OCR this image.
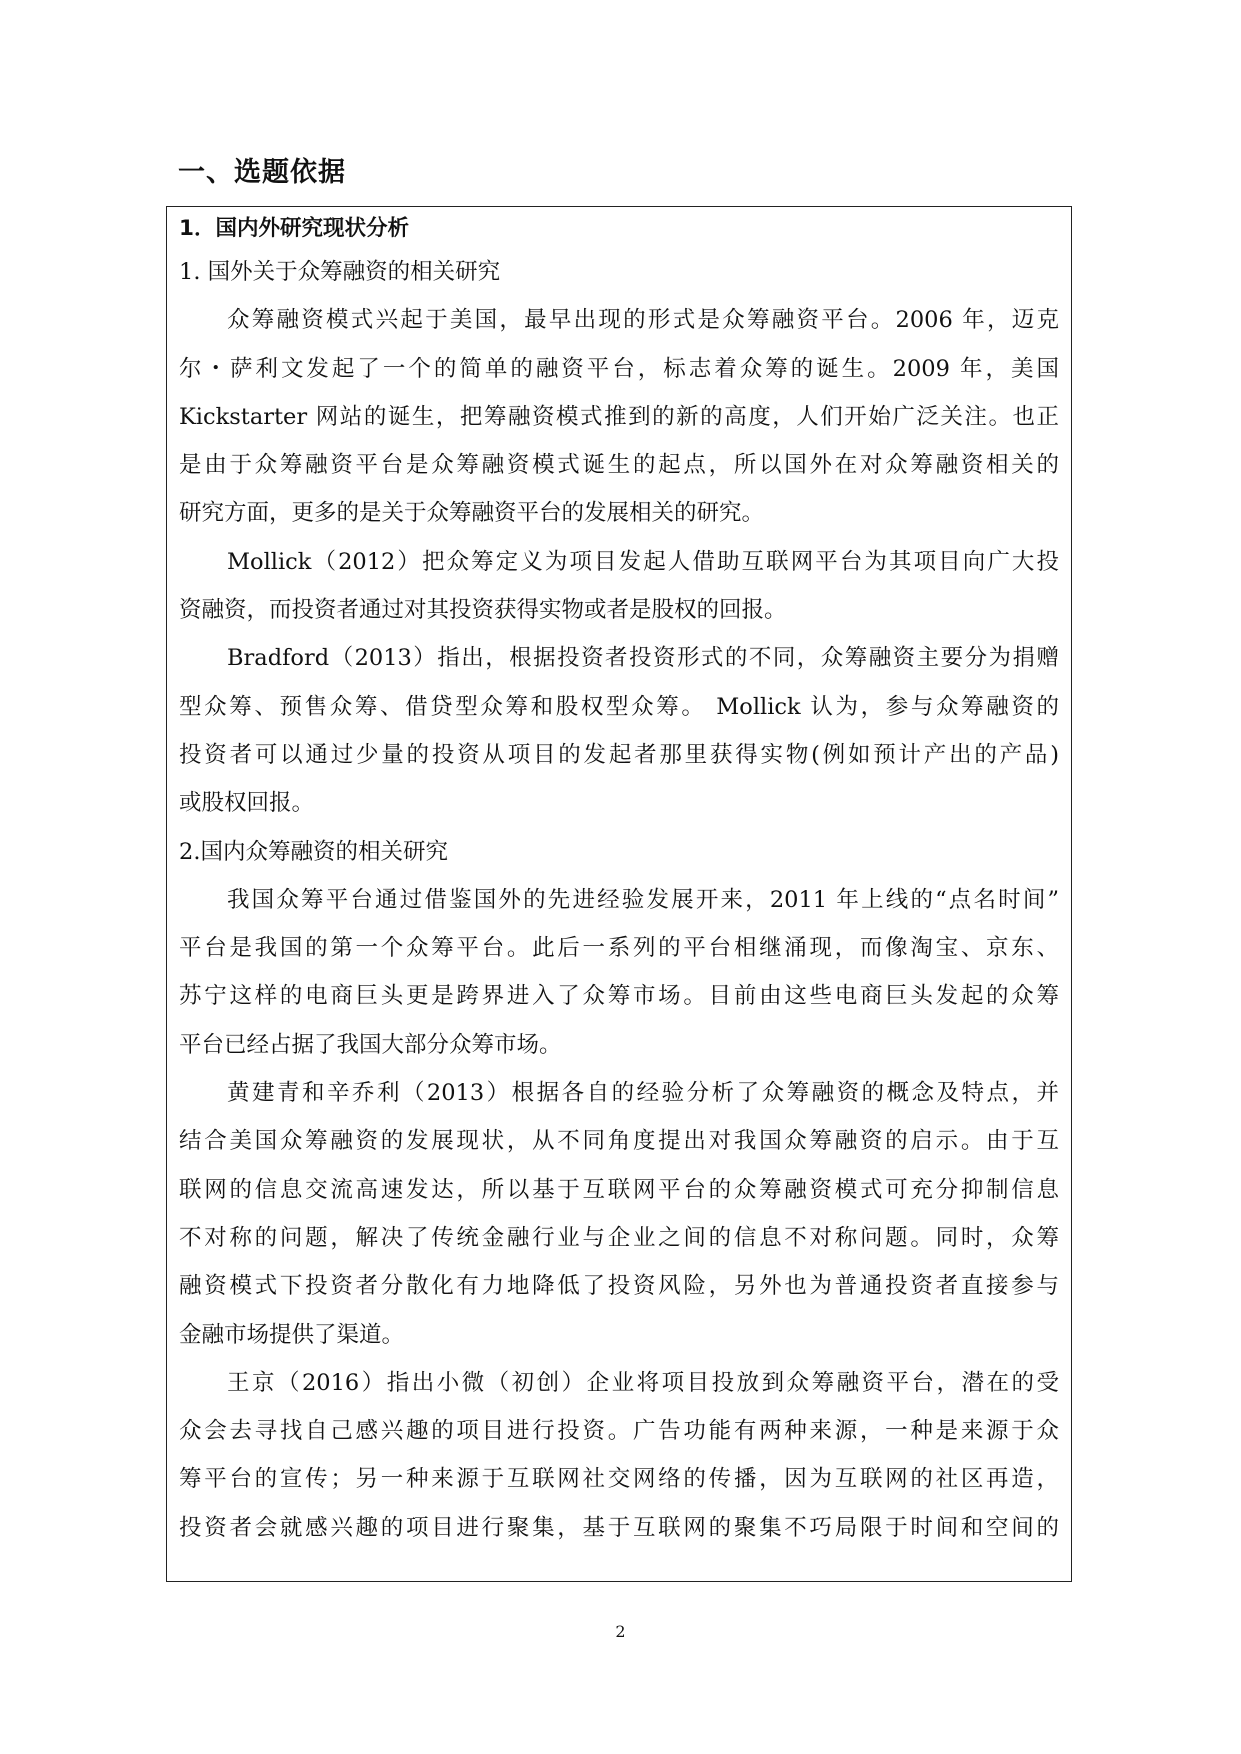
一、选题依据
1．国内外研究现状分析
1. 国外关于众筹融资的相关研究
众筹融资模式兴起于美国，最早出现的形式是众筹融资平台。2006 年，迈克
尔・萨利文发起了一个的简单的融资平台，标志着众筹的诞生。2009 年，美国
Kickstarter 网站的诞生，把筹融资模式推到的新的高度，人们开始广泛关注。也正
是由于众筹融资平台是众筹融资模式诞生的起点，所以国外在对众筹融资相关的
研究方面，更多的是关于众筹融资平台的发展相关的研究。
Mollick（2012）把众筹定义为项目发起人借助互联网平台为其项目向广大投
资融资，而投资者通过对其投资获得实物或者是股权的回报。
Bradford（2013）指出，根据投资者投资形式的不同，众筹融资主要分为捐赠
型众筹、预售众筹、借贷型众筹和股权型众筹。 Mollick 认为，参与众筹融资的
投资者可以通过少量的投资从项目的发起者那里获得实物(例如预计产出的产品)
或股权回报。
2.国内众筹融资的相关研究
我国众筹平台通过借鉴国外的先进经验发展开来，2011 年上线的“点名时间”
平台是我国的第一个众筹平台。此后一系列的平台相继涌现，而像淘宝、京东、
苏宁这样的电商巨头更是跨界进入了众筹市场。目前由这些电商巨头发起的众筹
平台已经占据了我国大部分众筹市场。
黄建青和辛乔利（2013）根据各自的经验分析了众筹融资的概念及特点，并
结合美国众筹融资的发展现状，从不同角度提出对我国众筹融资的启示。由于互
联网的信息交流高速发达，所以基于互联网平台的众筹融资模式可充分抑制信息
不对称的问题，解决了传统金融行业与企业之间的信息不对称问题。同时，众筹
融资模式下投资者分散化有力地降低了投资风险，另外也为普通投资者直接参与
金融市场提供了渠道。
王京（2016）指出小微（初创）企业将项目投放到众筹融资平台，潜在的受
众会去寻找自己感兴趣的项目进行投资。广告功能有两种来源，一种是来源于众
筹平台的宣传；另一种来源于互联网社交网络的传播，因为互联网的社区再造，
投资者会就感兴趣的项目进行聚集，基于互联网的聚集不巧局限于时间和空间的
2
